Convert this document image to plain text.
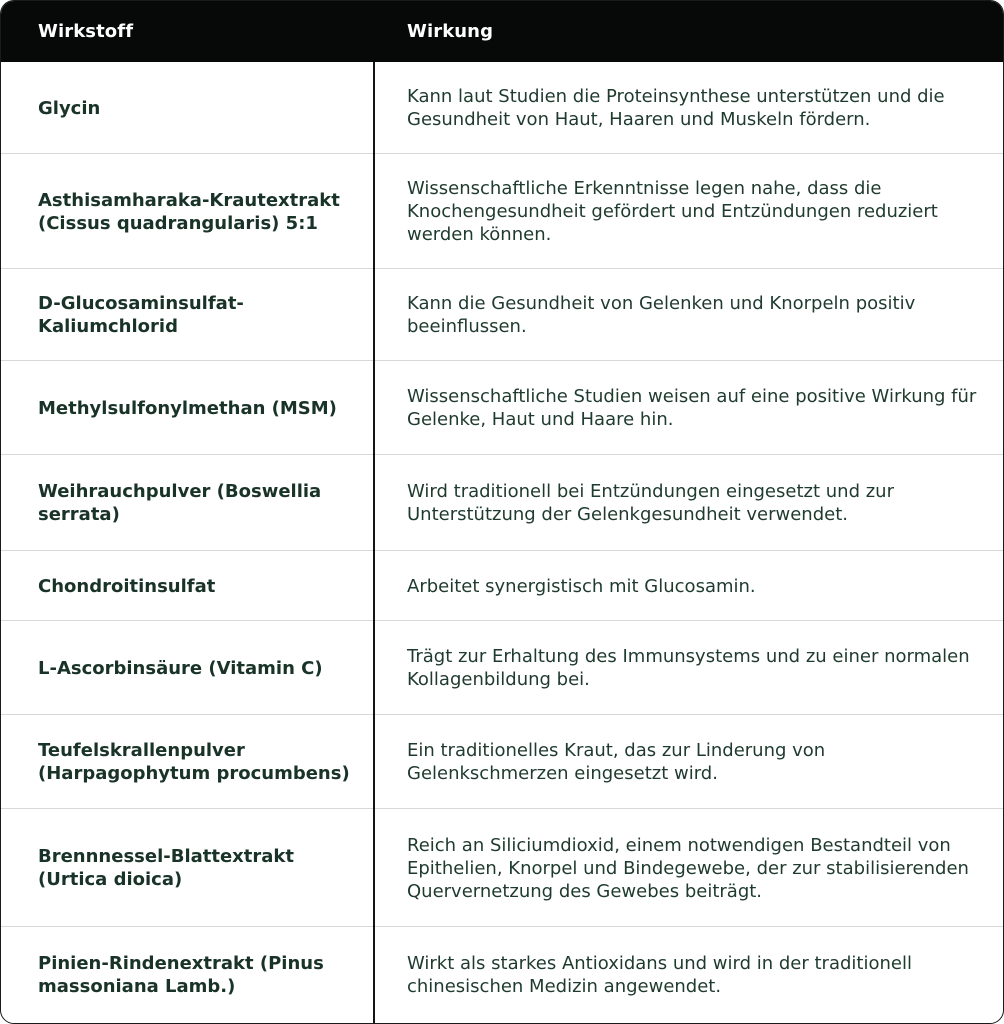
Wirkstoff	Wirkung
Glycin
Kann laut Studien die Proteinsynthese unterstützen und die Gesundheit von Haut, Haaren und Muskeln fördern.
Asthisamharaka-Krautextrakt (Cissus quadrangularis) 5:1
Wissenschaftliche Erkenntnisse legen nahe, dass die Knochengesundheit gefördert und Entzündungen reduziert werden können.
D-Glucosaminsulfat-Kaliumchlorid
Kann die Gesundheit von Gelenken und Knorpeln positiv beeinflussen.
Methylsulfonylmethan (MSM)
Wissenschaftliche Studien weisen auf eine positive Wirkung für Gelenke, Haut und Haare hin.
Weihrauchpulver (Boswellia serrata)
Wird traditionell bei Entzündungen eingesetzt und zur Unterstützung der Gelenkgesundheit verwendet.
Chondroitinsulfat	Arbeitet synergistisch mit Glucosamin.
L-Ascorbinsäure (Vitamin C)
Trägt zur Erhaltung des Immunsystems und zu einer normalen Kollagenbildung bei.
Teufelskrallenpulver (Harpagophytum procumbens)
Ein traditionelles Kraut, das zur Linderung von Gelenkschmerzen eingesetzt wird.
Brennnessel-Blattextrakt (Urtica dioica)
Reich an Siliciumdioxid, einem notwendigen Bestandteil von Epithelien, Knorpel und Bindegewebe, der zur stabilisierenden Quervernetzung des Gewebes beiträgt.
Pinien-Rindenextrakt (Pinus massoniana Lamb.)
Wirkt als starkes Antioxidans und wird in der traditionell chinesischen Medizin angewendet.
